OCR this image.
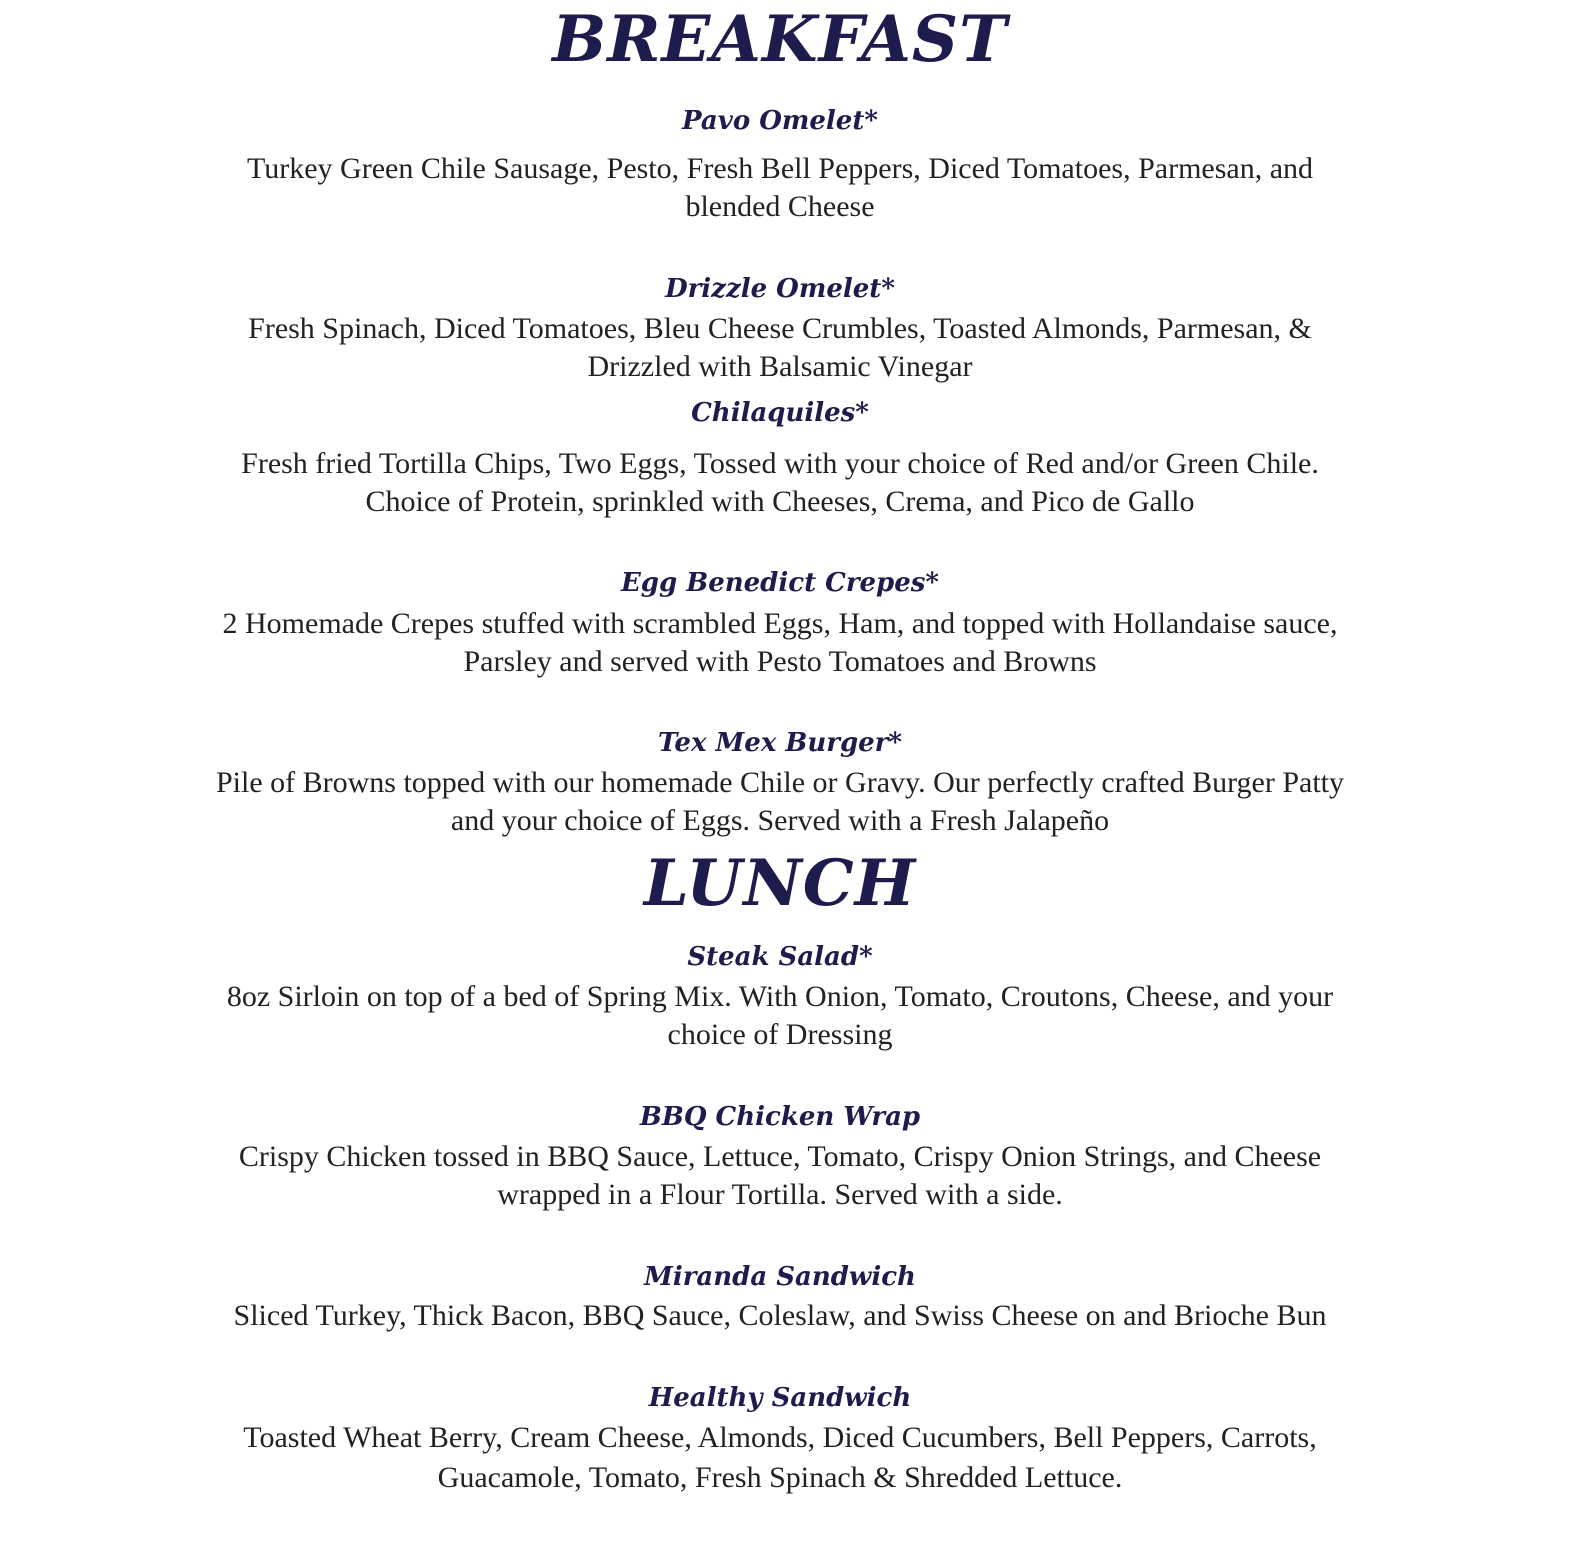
BREAKFAST
Pavo Omelet*

Turkey Green Chile Sausage, Pesto, Fresh Bell Peppers, Diced Tomatoes, Parmesan, and

blended Cheese

Drizzle Omelet*

Fresh Spinach, Diced Tomatoes, Bleu Cheese Crumbles, Toasted Almonds, Parmesan, &

Drizzled with Balsamic Vinegar

Chilaquiles*

Fresh fried Tortilla Chips, Two Eggs, Tossed with your choice of Red and/or Green Chile.

Choice of Protein, sprinkled with Cheeses, Crema, and Pico de Gallo

Egg Benedict Crepes*

2 Homemade Crepes stuffed with scrambled Eggs, Ham, and topped with Hollandaise sauce,

Parsley and served with Pesto Tomatoes and Browns

Tex Mex Burger*

Pile of Browns topped with our homemade Chile or Gravy. Our perfectly crafted Burger Patty

and your choice of Eggs. Served with a Fresh Jalapeño

LUNCH
Steak Salad*

8oz Sirloin on top of a bed of Spring Mix. With Onion, Tomato, Croutons, Cheese, and your

choice of Dressing

BBQ Chicken Wrap

Crispy Chicken tossed in BBQ Sauce, Lettuce, Tomato, Crispy Onion Strings, and Cheese

wrapped in a Flour Tortilla. Served with a side.

Miranda Sandwich

Sliced Turkey, Thick Bacon, BBQ Sauce, Coleslaw, and Swiss Cheese on and Brioche Bun

Healthy Sandwich

Toasted Wheat Berry, Cream Cheese, Almonds, Diced Cucumbers, Bell Peppers, Carrots,

Guacamole, Tomato, Fresh Spinach & Shredded Lettuce.
